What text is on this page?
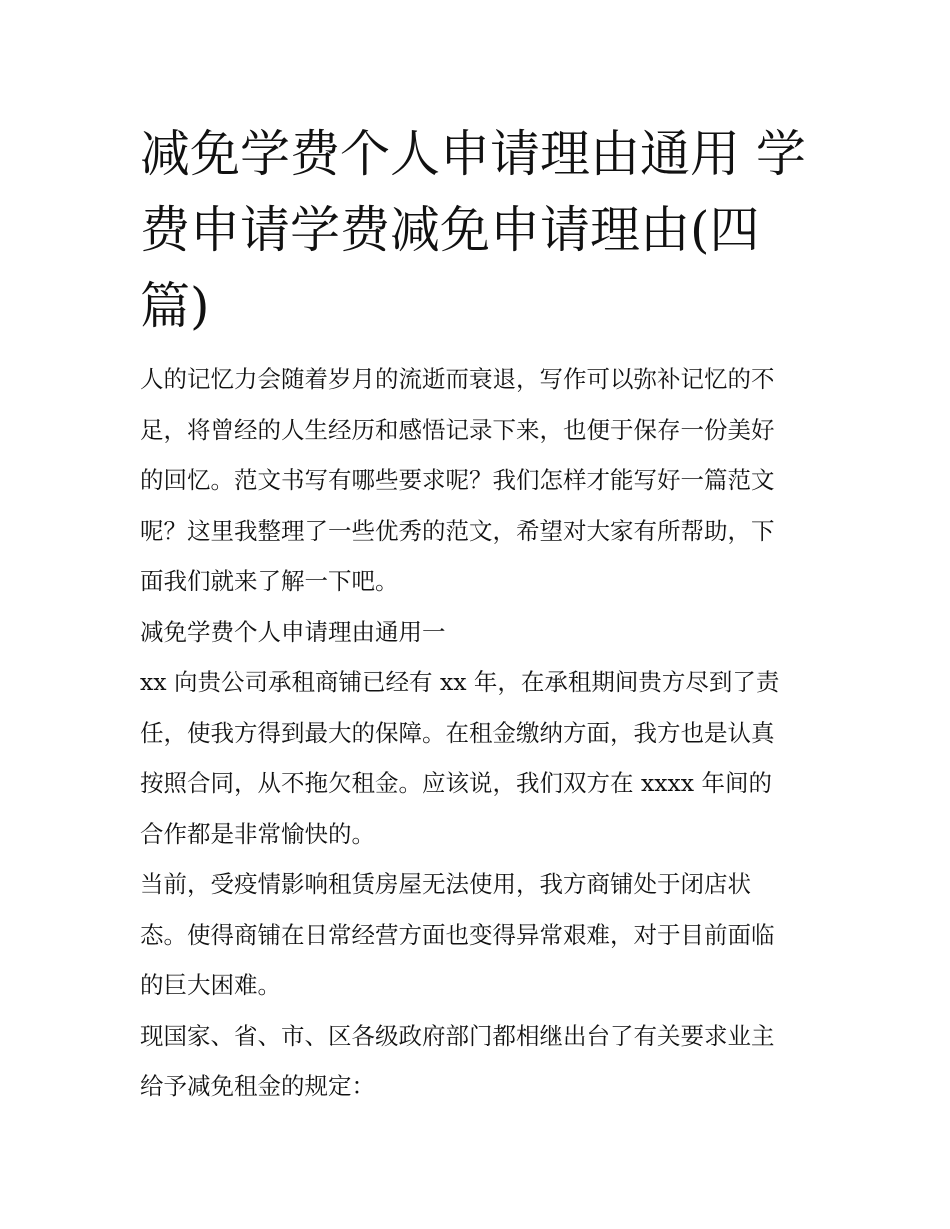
减免学费个人申请理由通用 学
费申请学费减免申请理由(四
篇)
人的记忆力会随着岁月的流逝而衰退，写作可以弥补记忆的不
足，将曾经的人生经历和感悟记录下来，也便于保存一份美好
的回忆。范文书写有哪些要求呢？我们怎样才能写好一篇范文
呢？这里我整理了一些优秀的范文，希望对大家有所帮助，下
面我们就来了解一下吧。
减免学费个人申请理由通用一
xx 向贵公司承租商铺已经有 xx 年，在承租期间贵方尽到了责
任，使我方得到最大的保障。在租金缴纳方面，我方也是认真
按照合同，从不拖欠租金。应该说，我们双方在 xxxx 年间的
合作都是非常愉快的。
当前，受疫情影响租赁房屋无法使用，我方商铺处于闭店状
态。使得商铺在日常经营方面也变得异常艰难，对于目前面临
的巨大困难。
现国家、省、市、区各级政府部门都相继出台了有关要求业主
给予减免租金的规定：
